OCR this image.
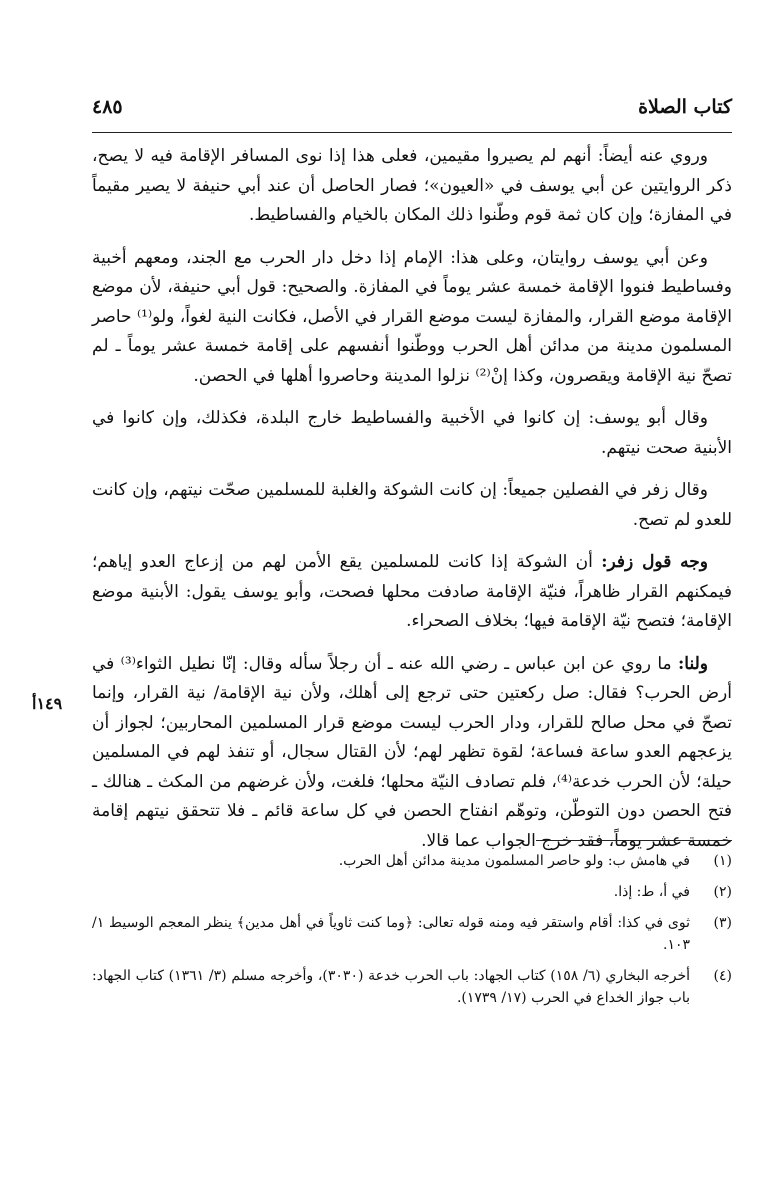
كتاب الصلاة
٤٨٥
١٤٩أ

وروي عنه أيضاً: أنهم لم يصيروا مقيمين، فعلى هذا إذا نوى المسافر الإقامة فيه لا يصح، ذكر الروايتين عن أبي يوسف في «العيون»؛ فصار الحاصل أن عند أبي حنيفة لا يصير مقيماً في المفازة؛ وإن كان ثمة قوم وطّنوا ذلك المكان بالخيام والفساطيط.

وعن أبي يوسف روايتان، وعلى هذا: الإمام إذا دخل دار الحرب مع الجند، ومعهم أخبية وفساطيط فنووا الإقامة خمسة عشر يوماً في المفازة. والصحيح: قول أبي حنيفة، لأن موضع الإقامة موضع القرار، والمفازة ليست موضع القرار في الأصل، فكانت النية لغواً، ولو⁽¹⁾ حاصر المسلمون مدينة من مدائن أهل الحرب ووطّنوا أنفسهم على إقامة خمسة عشر يوماً ـ لم تصحّ نية الإقامة ويقصرون، وكذا إنْ⁽²⁾ نزلوا المدينة وحاصروا أهلها في الحصن.

وقال أبو يوسف: إن كانوا في الأخبية والفساطيط خارج البلدة، فكذلك، وإن كانوا في الأبنية صحت نيتهم.

وقال زفر في الفصلين جميعاً: إن كانت الشوكة والغلبة للمسلمين صحّت نيتهم، وإن كانت للعدو لم تصح.

وجه قول زفر: أن الشوكة إذا كانت للمسلمين يقع الأمن لهم من إزعاج العدو إياهم؛ فيمكنهم القرار ظاهراً، فنيّة الإقامة صادفت محلها فصحت، وأبو يوسف يقول: الأبنية موضع الإقامة؛ فتصح نيّة الإقامة فيها؛ بخلاف الصحراء.

ولنا: ما روي عن ابن عباس ـ رضي الله عنه ـ أن رجلاً سأله وقال: إنّا نطيل الثواء⁽³⁾ في أرض الحرب؟ فقال: صل ركعتين حتى ترجع إلى أهلك، ولأن نية الإقامة/ نية القرار، وإنما تصحّ في محل صالح للقرار، ودار الحرب ليست موضع قرار المسلمين المحاربين؛ لجواز أن يزعجهم العدو ساعة فساعة؛ لقوة تظهر لهم؛ لأن القتال سجال، أو تنفذ لهم في المسلمين حيلة؛ لأن الحرب خدعة⁽⁴⁾، فلم تصادف النيّة محلها؛ فلغت، ولأن غرضهم من المكث ـ هنالك ـ فتح الحصن دون التوطّن، وتوهّم انفتاح الحصن في كل ساعة قائم ـ فلا تتحقق نيتهم إقامة خمسة عشر يوماً، فقد خرج الجواب عما قالا.

(١)
في هامش ب: ولو حاصر المسلمون مدينة مدائن أهل الحرب.
(٢)
في أ، ط: إذا.
(٣)
ثوى في كذا: أقام واستقر فيه ومنه قوله تعالى: ﴿وما كنت ثاوياً في أهل مدين﴾ ينظر المعجم الوسيط ١/ ١٠٣.
(٤)
أخرجه البخاري (٦/ ١٥٨) كتاب الجهاد: باب الحرب خدعة (٣٠٣٠)، وأخرجه مسلم (٣/ ١٣٦١) كتاب الجهاد: باب جواز الخداع في الحرب (١٧/ ١٧٣٩).
